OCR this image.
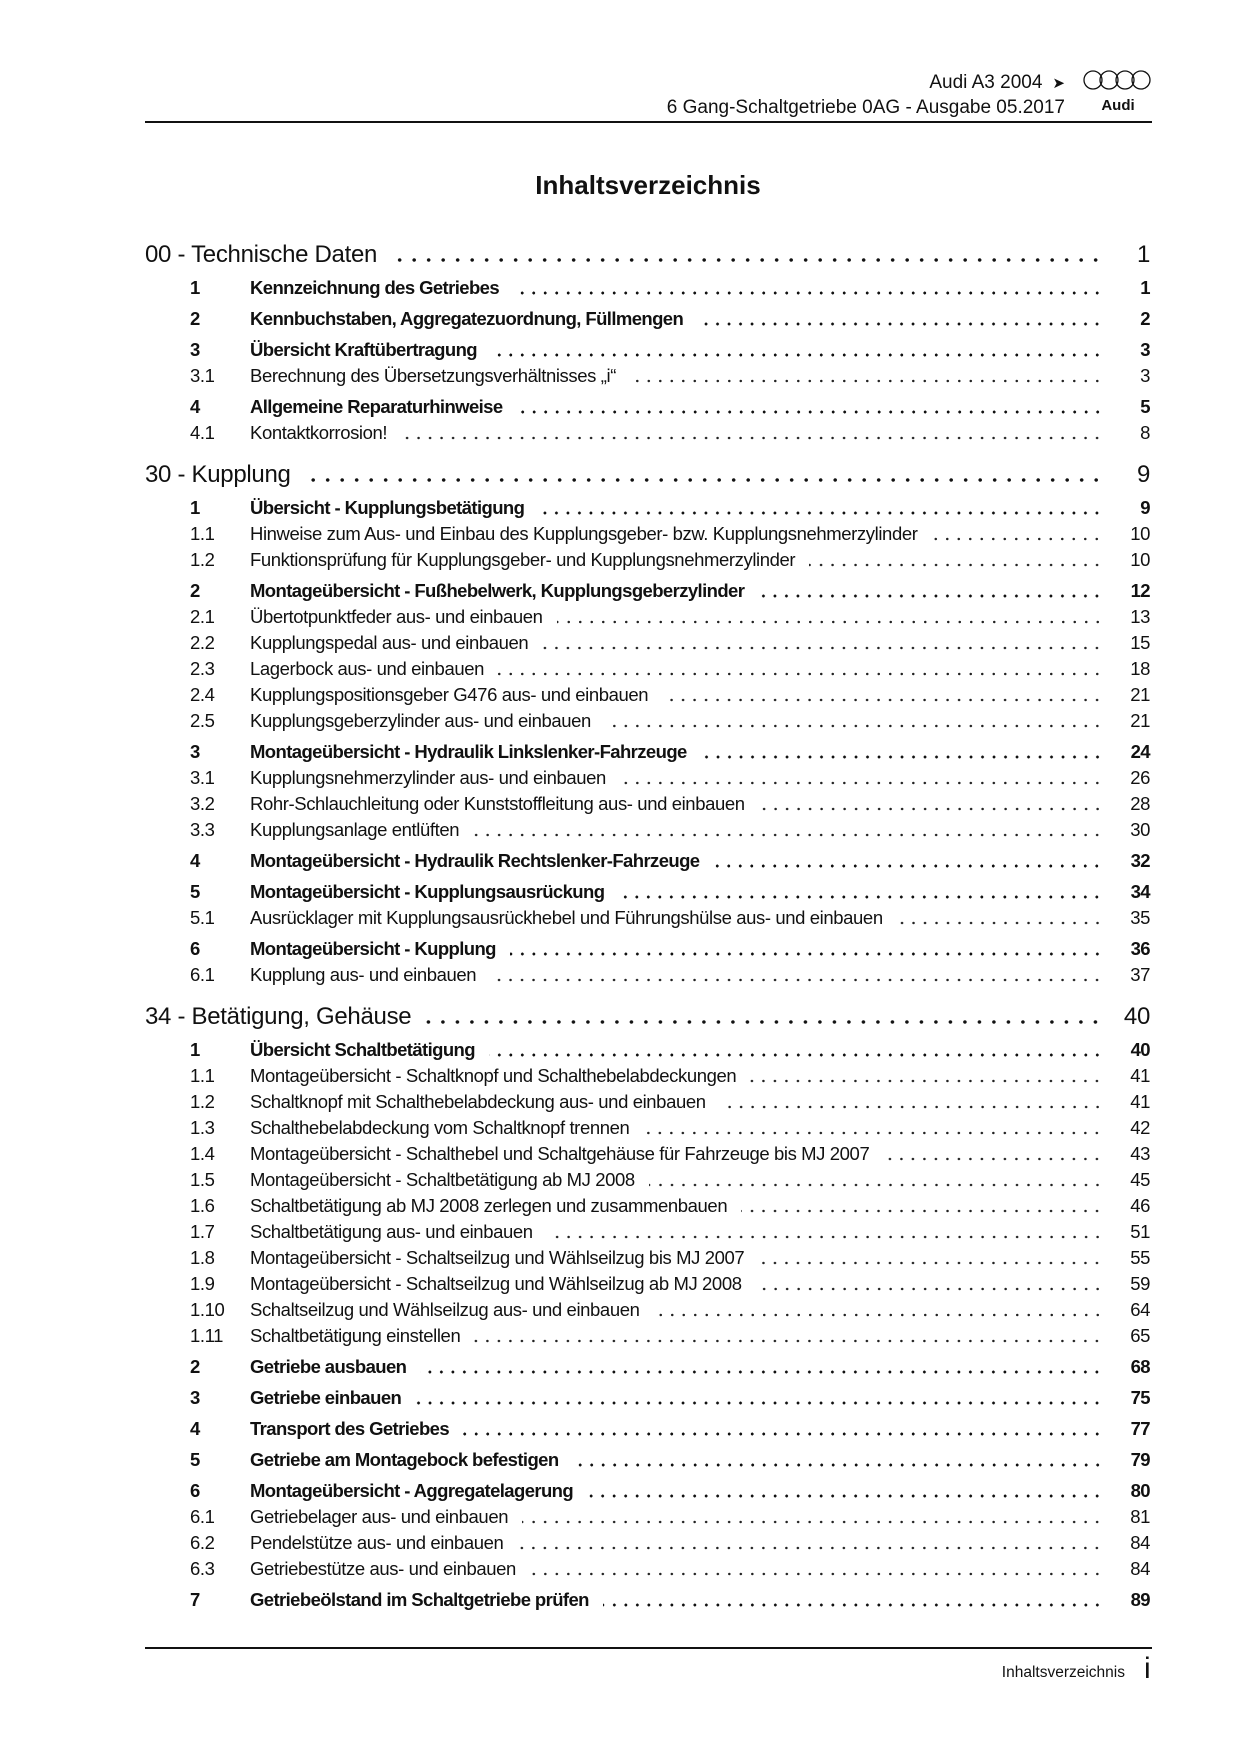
Audi A3 2004 ➤
6 Gang-Schaltgetriebe 0AG - Ausgabe 05.2017 Audi
Inhaltsverzeichnis
00 - Technische Daten	1
1	Kennzeichnung des Getriebes	1
2	Kennbuchstaben, Aggregatezuordnung, Füllmengen	2
3	Übersicht Kraftübertragung	3
3.1	Berechnung des Übersetzungsverhältnisses „i“	3
4	Allgemeine Reparaturhinweise	5
4.1	Kontaktkorrosion!	8
30 - Kupplung	9
1	Übersicht - Kupplungsbetätigung	9
1.1	Hinweise zum Aus- und Einbau des Kupplungsgeber- bzw. Kupplungsnehmerzylinder	10
1.2	Funktionsprüfung für Kupplungsgeber- und Kupplungsnehmerzylinder	10
2	Montageübersicht - Fußhebelwerk, Kupplungsgeberzylinder	12
2.1	Übertotpunktfeder aus- und einbauen	13
2.2	Kupplungspedal aus- und einbauen	15
2.3	Lagerbock aus- und einbauen	18
2.4	Kupplungspositionsgeber G476 aus- und einbauen	21
2.5	Kupplungsgeberzylinder aus- und einbauen	21
3	Montageübersicht - Hydraulik Linkslenker-Fahrzeuge	24
3.1	Kupplungsnehmerzylinder aus- und einbauen	26
3.2	Rohr-Schlauchleitung oder Kunststoffleitung aus- und einbauen	28
3.3	Kupplungsanlage entlüften	30
4	Montageübersicht - Hydraulik Rechtslenker-Fahrzeuge	32
5	Montageübersicht - Kupplungsausrückung	34
5.1	Ausrücklager mit Kupplungsausrückhebel und Führungshülse aus- und einbauen	35
6	Montageübersicht - Kupplung	36
6.1	Kupplung aus- und einbauen	37
34 - Betätigung, Gehäuse	40
1	Übersicht Schaltbetätigung	40
1.1	Montageübersicht - Schaltknopf und Schalthebelabdeckungen	41
1.2	Schaltknopf mit Schalthebelabdeckung aus- und einbauen	41
1.3	Schalthebelabdeckung vom Schaltknopf trennen	42
1.4	Montageübersicht - Schalthebel und Schaltgehäuse für Fahrzeuge bis MJ 2007	43
1.5	Montageübersicht - Schaltbetätigung ab MJ 2008	45
1.6	Schaltbetätigung ab MJ 2008 zerlegen und zusammenbauen	46
1.7	Schaltbetätigung aus- und einbauen	51
1.8	Montageübersicht - Schaltseilzug und Wählseilzug bis MJ 2007	55
1.9	Montageübersicht - Schaltseilzug und Wählseilzug ab MJ 2008	59
1.10	Schaltseilzug und Wählseilzug aus- und einbauen	64
1.11	Schaltbetätigung einstellen	65
2	Getriebe ausbauen	68
3	Getriebe einbauen	75
4	Transport des Getriebes	77
5	Getriebe am Montagebock befestigen	79
6	Montageübersicht - Aggregatelagerung	80
6.1	Getriebelager aus- und einbauen	81
6.2	Pendelstütze aus- und einbauen	84
6.3	Getriebestütze aus- und einbauen	84
7	Getriebeölstand im Schaltgetriebe prüfen	89
Inhaltsverzeichnis i
